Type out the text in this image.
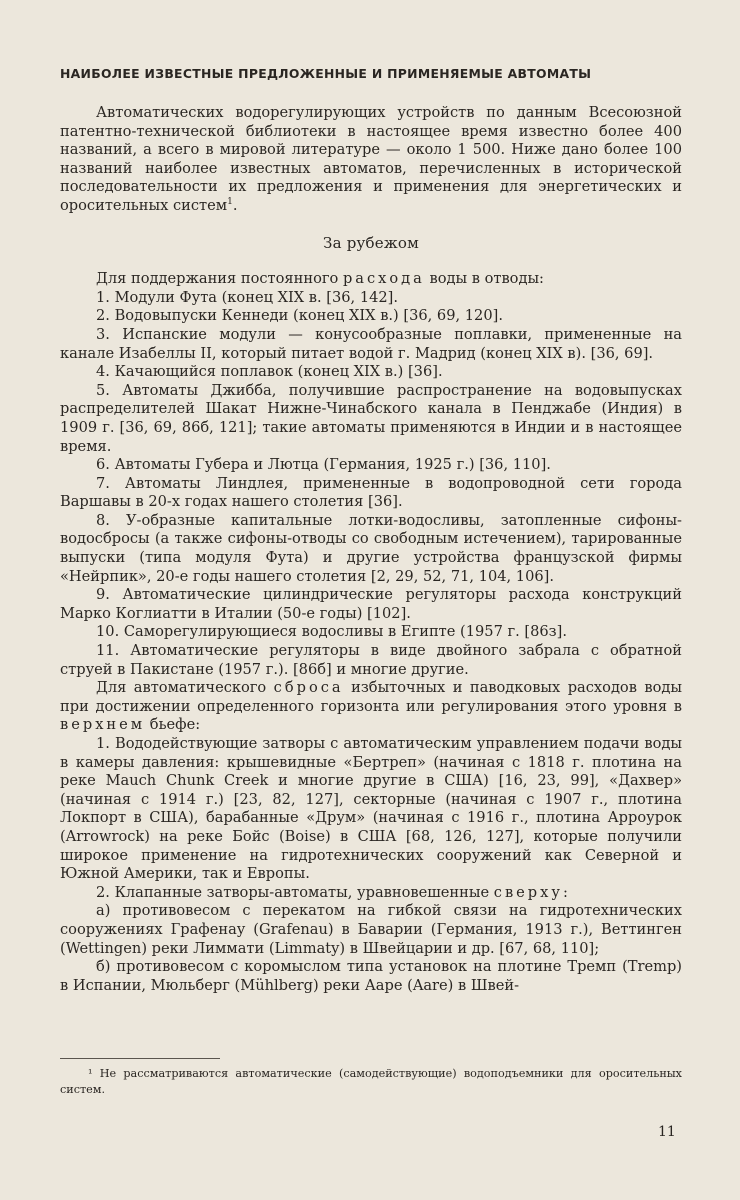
НАИБОЛЕЕ ИЗВЕСТНЫЕ ПРЕДЛОЖЕННЫЕ И ПРИМЕНЯЕМЫЕ АВТОМАТЫ

Автоматических водорегулирующих устройств по данным Всесоюзной патентно-технической библиотеки в настоящее время известно более 400 названий, а всего в мировой литературе — около 1 500. Ниже дано более 100 названий наиболее известных автоматов, перечисленных в исторической последовательности их предложения и применения для энергетических и оросительных систем$^1$.

За рубежом

Для поддержания постоянного расхода воды в отводы:

1. Модули Фута (конец XIX в. [36, 142].

2. Водовыпуски Кеннеди (конец XIX в.) [36, 69, 120].

3. Испанские модули — конусообразные поплавки, примененные на канале Изабеллы II, который питает водой г. Мадрид (конец XIX в). [36, 69].

4. Качающийся поплавок (конец XIX в.) [36].

5. Автоматы Джибба, получившие распространение на водовыпусках распределителей Шакат Нижне-Чинабского канала в Пенджабе (Индия) в 1909 г. [36, 69, 86б, 121]; такие автоматы применяются в Индии и в настоящее время.

6. Автоматы Губера и Лютца (Германия, 1925 г.) [36, 110].

7. Автоматы Линдлея, примененные в водопроводной сети города Варшавы в 20-х годах нашего столетия [36].

8. У-образные капитальные лотки-водосливы, затопленные сифоны-водосбросы (а также сифоны-отводы со свободным истечением), тарированные выпуски (типа модуля Фута) и другие устройства французской фирмы «Нейрпик», 20-е годы нашего столетия [2, 29, 52, 71, 104, 106].

9. Автоматические цилиндрические регуляторы расхода конструкций Марко Коглиатти в Италии (50-е годы) [102].

10. Саморегулирующиеся водосливы в Египте (1957 г. [86з].

11. Автоматические регуляторы в виде двойного забрала с обратной струей в Пакистане (1957 г.). [86б] и многие другие.

Для автоматического сброса избыточных и паводковых расходов воды при достижении определенного горизонта или регулирования этого уровня в верхнем бьефе:

1. Вододействующие затворы с автоматическим управлением подачи воды в камеры давления: крышевидные «Бертреп» (начиная с 1818 г. плотина на реке Mauch Chunk Creek и многие другие в США) [16, 23, 99], «Дахвер» (начиная с 1914 г.) [23, 82, 127], секторные (начиная с 1907 г., плотина Локпорт в США), барабанные «Друм» (начиная с 1916 г., плотина Арроурок (Arrowrock) на реке Бойс (Boise) в США [68, 126, 127], которые получили широкое применение на гидротехнических сооружений как Северной и Южной Америки, так и Европы.

2. Клапанные затворы-автоматы, уравновешенные сверху:

а) противовесом с перекатом на гибкой связи на гидротехнических сооружениях Графенау (Grafenau) в Баварии (Германия, 1913 г.), Веттинген (Wettingen) реки Лиммати (Limmaty) в Швейцарии и др. [67, 68, 110];

б) противовесом с коромыслом типа установок на плотине Тремп (Tremp) в Испании, Мюльберг (Mühlberg) реки Ааре (Aare) в Швей-

¹ Не рассматриваются автоматические (самодействующие) водоподъемники для оросительных систем.
11
